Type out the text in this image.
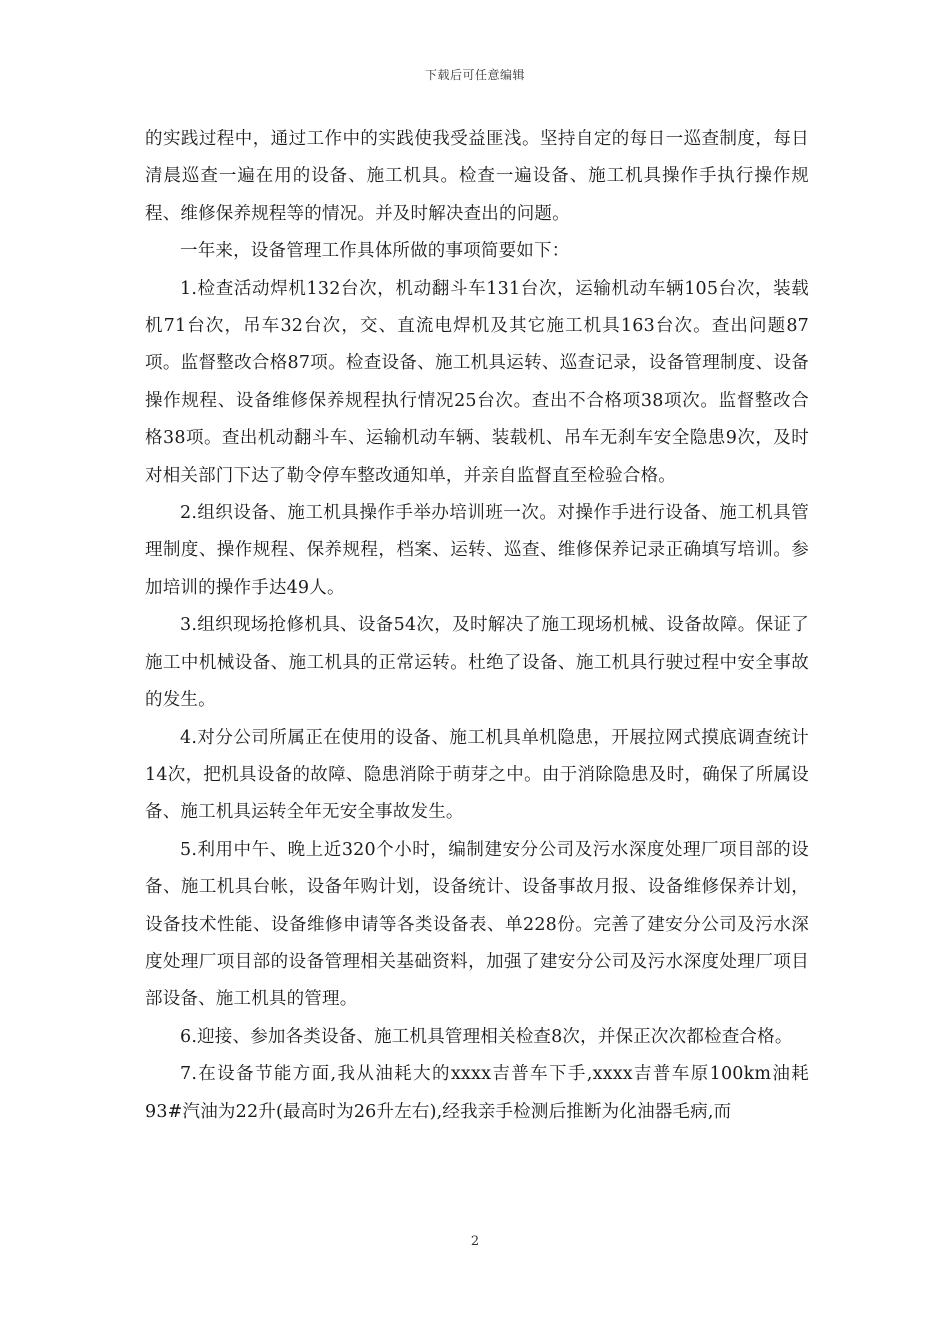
下载后可任意编辑

的实践过程中，通过工作中的实践使我受益匪浅。坚持自定的每日一巡查制度，每日清晨巡查一遍在用的设备、施工机具。检查一遍设备、施工机具操作手执行操作规程、维修保养规程等的情况。并及时解决查出的问题。

一年来，设备管理工作具体所做的事项简要如下：

1.检查活动焊机132台次，机动翻斗车131台次，运输机动车辆105台次，装载机71台次，吊车32台次，交、直流电焊机及其它施工机具163台次。查出问题87项。监督整改合格87项。检查设备、施工机具运转、巡查记录，设备管理制度、设备操作规程、设备维修保养规程执行情况25台次。查出不合格项38项次。监督整改合格38项。查出机动翻斗车、运输机动车辆、装载机、吊车无刹车安全隐患9次，及时对相关部门下达了勒令停车整改通知单，并亲自监督直至检验合格。

2.组织设备、施工机具操作手举办培训班一次。对操作手进行设备、施工机具管理制度、操作规程、保养规程，档案、运转、巡查、维修保养记录正确填写培训。参加培训的操作手达49人。

3.组织现场抢修机具、设备54次，及时解决了施工现场机械、设备故障。保证了施工中机械设备、施工机具的正常运转。杜绝了设备、施工机具行驶过程中安全事故的发生。

4.对分公司所属正在使用的设备、施工机具单机隐患，开展拉网式摸底调查统计14次，把机具设备的故障、隐患消除于萌芽之中。由于消除隐患及时，确保了所属设备、施工机具运转全年无安全事故发生。

5.利用中午、晚上近320个小时，编制建安分公司及污水深度处理厂项目部的设备、施工机具台帐，设备年购计划，设备统计、设备事故月报、设备维修保养计划，设备技术性能、设备维修申请等各类设备表、单228份。完善了建安分公司及污水深度处理厂项目部的设备管理相关基础资料，加强了建安分公司及污水深度处理厂项目部设备、施工机具的管理。

6.迎接、参加各类设备、施工机具管理相关检查8次，并保正次次都检查合格。

7.在设备节能方面,我从油耗大的xxxx吉普车下手,xxxx吉普车原100km油耗93#汽油为22升(最高时为26升左右),经我亲手检测后推断为化油器毛病,而

2
